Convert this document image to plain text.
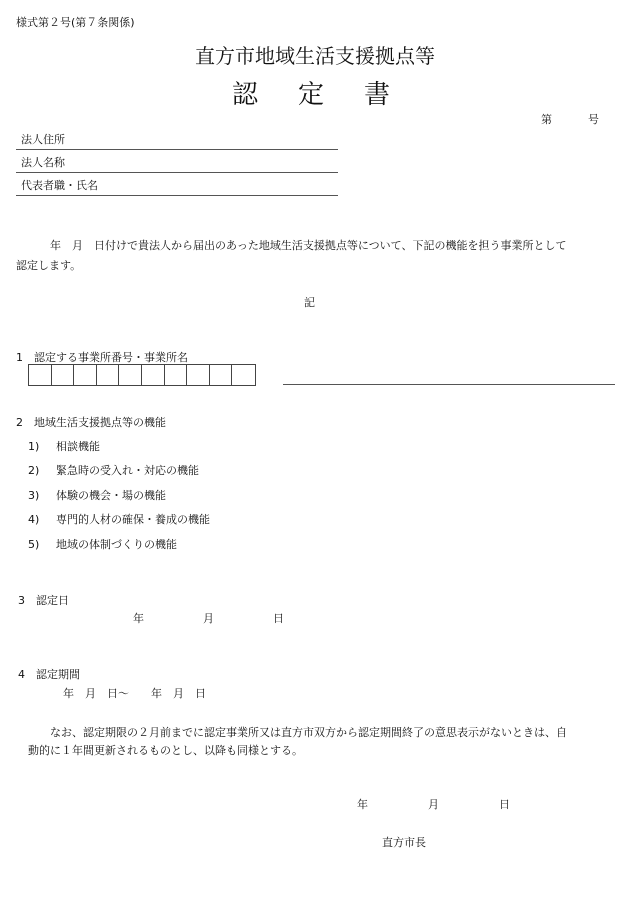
様式第２号(第７条関係)
直方市地域生活支援拠点等
認 定 書
第	号
法人住所
法人名称
代表者職・氏名
年　月　日付けで貴法人から届出のあった地域生活支援拠点等について、下記の機能を担う事業所として
認定します。
記
1　 認定する事業所番号・事業所名
2　 地域生活支援拠点等の機能
1) 相談機能
2) 緊急時の受入れ・対応の機能
3) 体験の機会・場の機能
4) 専門的人材の確保・養成の機能
5) 地域の体制づくりの機能
3　 認定日
年	月	日
4　 認定期間
年　月　日～　　年　月　日
なお、認定期限の２月前までに認定事業所又は直方市双方から認定期間終了の意思表示がないときは、自
動的に１年間更新されるものとし、以降も同様とする。
年	月	日
直方市長
